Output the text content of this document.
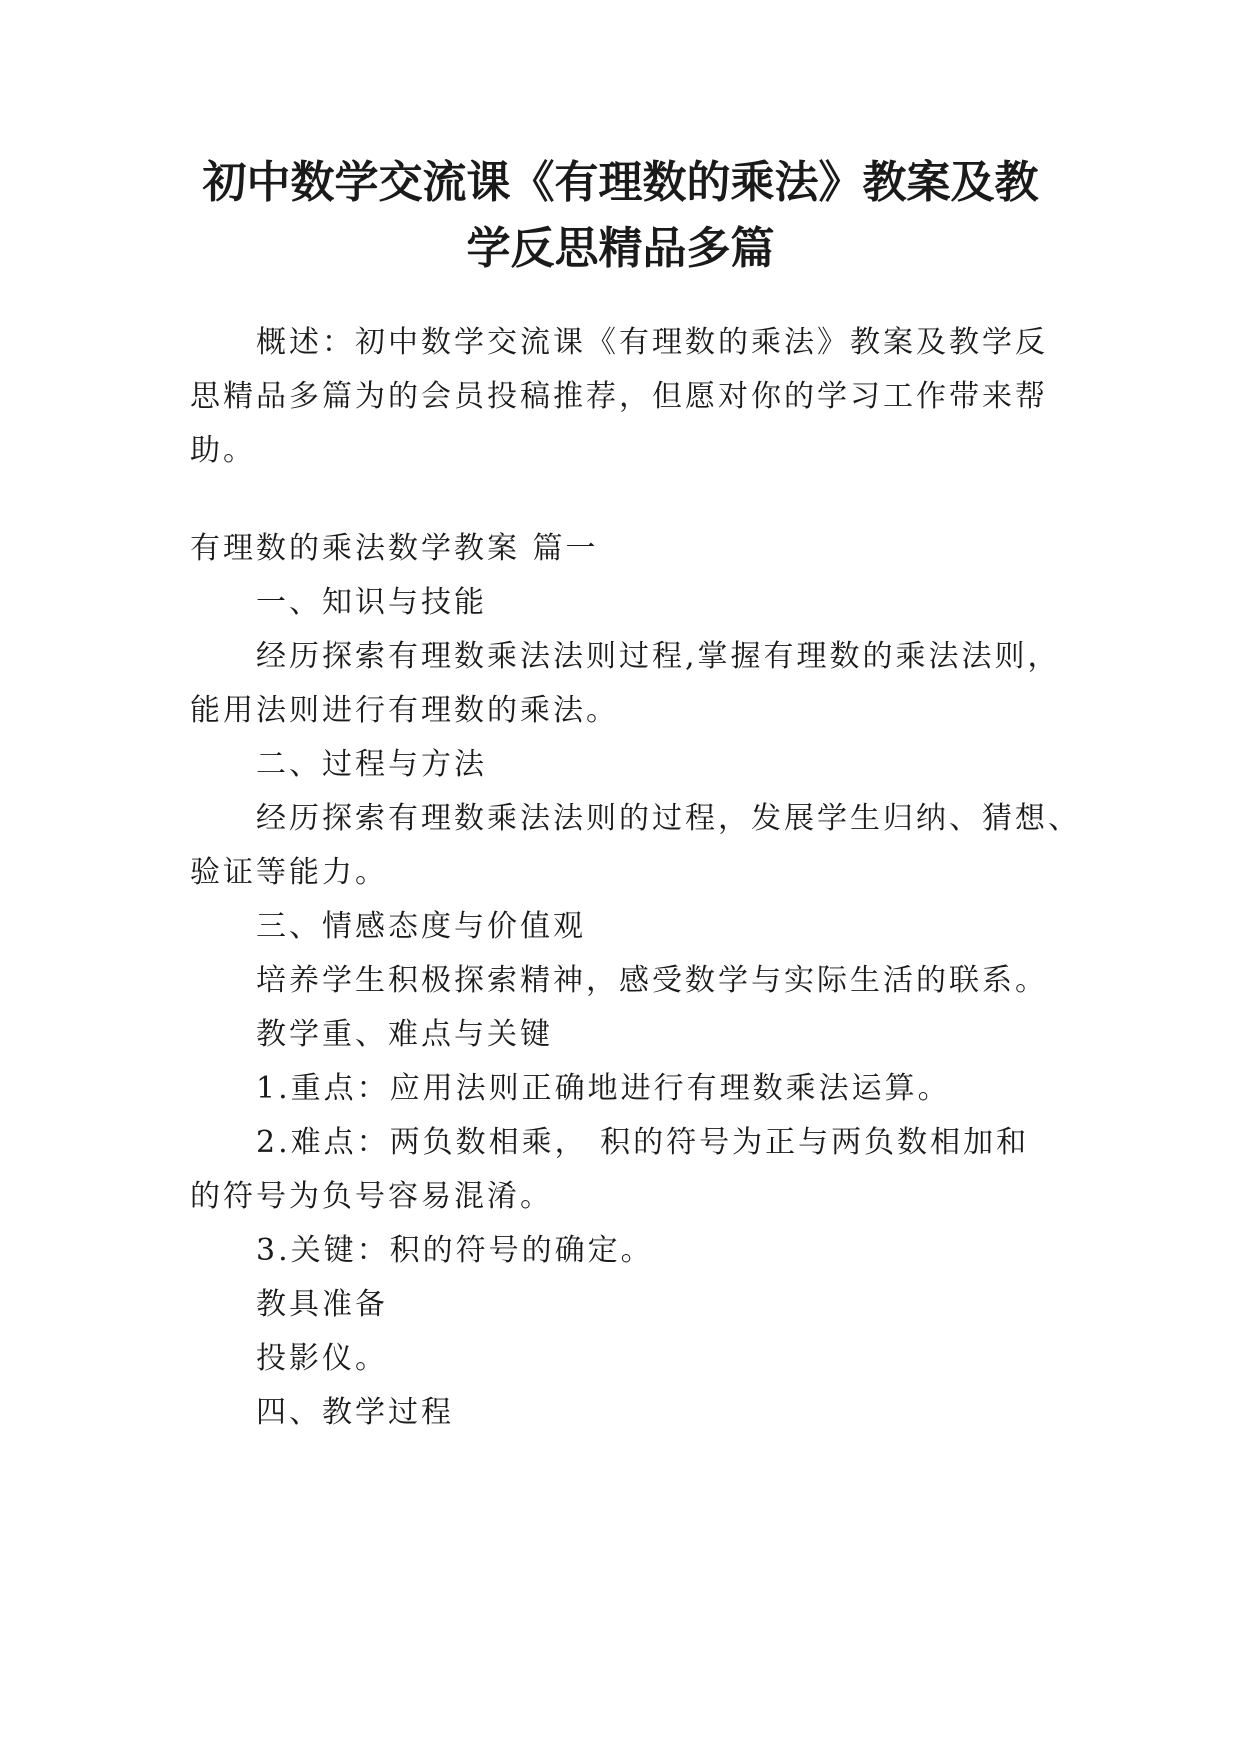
初中数学交流课《有理数的乘法》教案及教
学反思精品多篇
概述：初中数学交流课《有理数的乘法》教案及教学反
思精品多篇为的会员投稿推荐，但愿对你的学习工作带来帮
助。
有理数的乘法数学教案 篇一
一、知识与技能
经历探索有理数乘法法则过程,掌握有理数的乘法法则，
能用法则进行有理数的乘法。
二、过程与方法
经历探索有理数乘法法则的过程，发展学生归纳、猜想、
验证等能力。
三、情感态度与价值观
培养学生积极探索精神，感受数学与实际生活的联系。
教学重、难点与关键
1.重点：应用法则正确地进行有理数乘法运算。
2.难点：两负数相乘， 积的符号为正与两负数相加和
的符号为负号容易混淆。
3.关键：积的符号的确定。
教具准备
投影仪。
四、教学过程
